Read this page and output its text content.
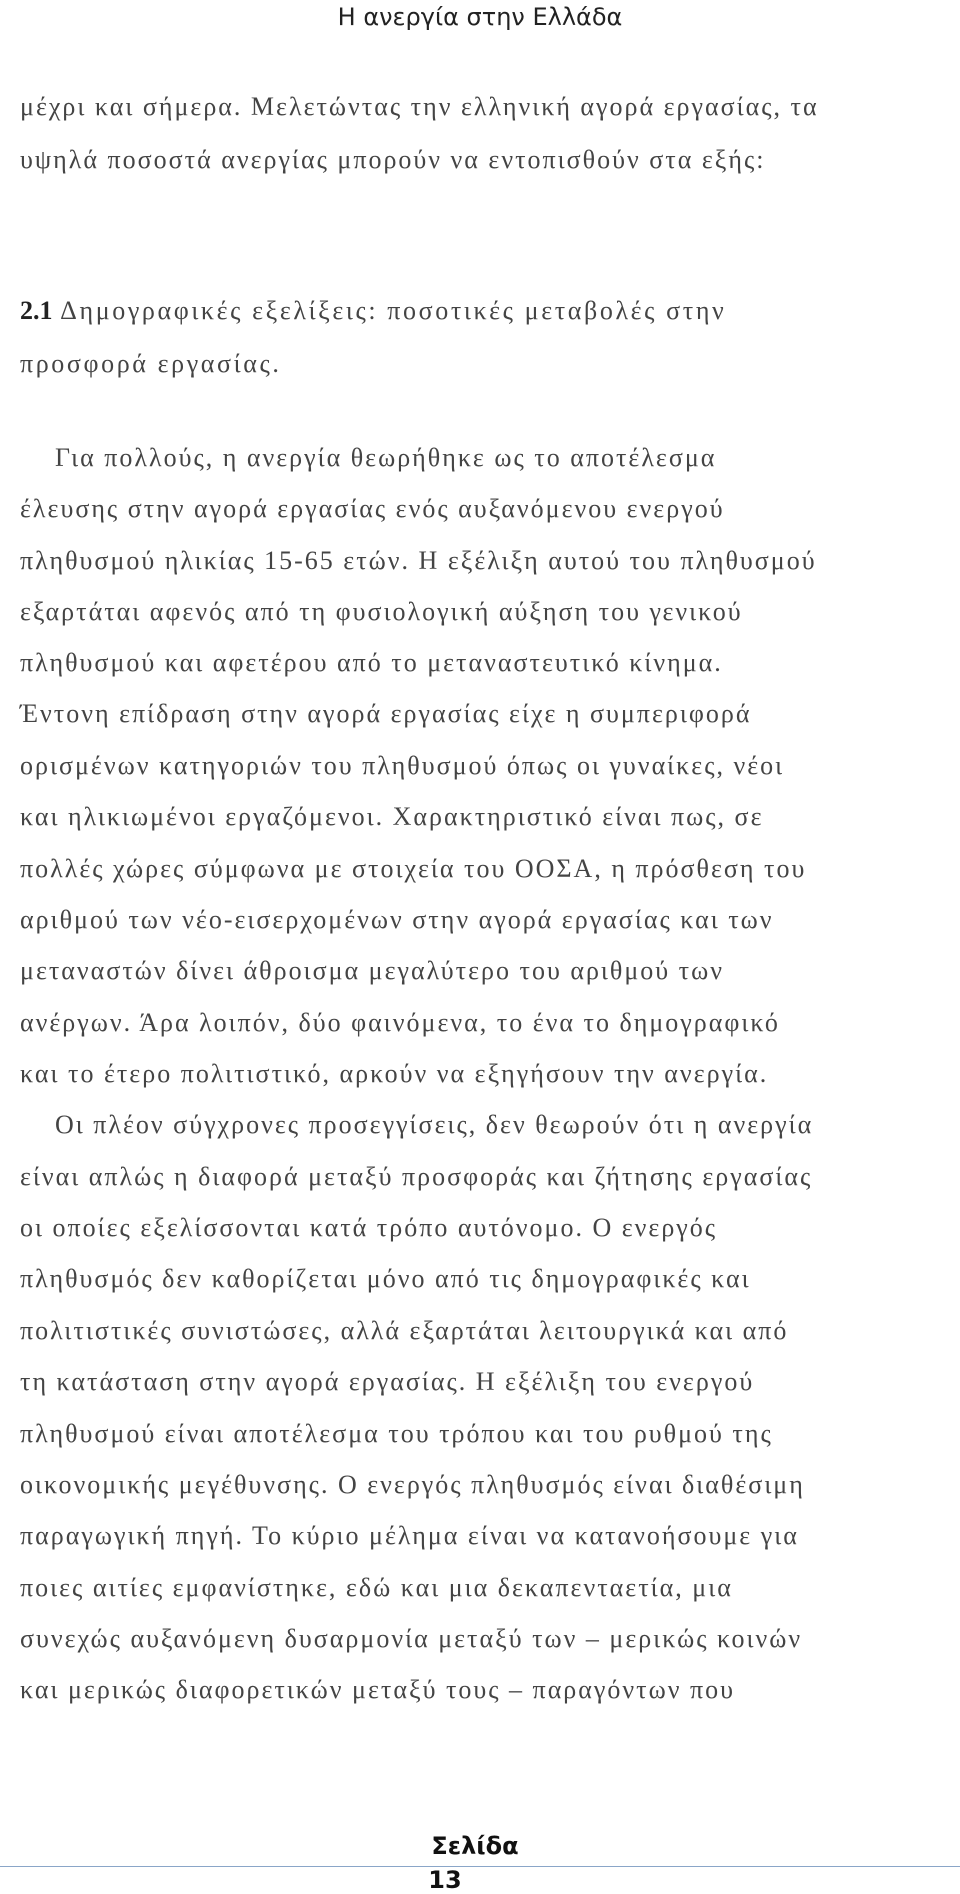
Η ανεργία στην Ελλάδα

μέχρι και σήμερα. Μελετώντας την ελληνική αγορά εργασίας, τα

υψηλά ποσοστά ανεργίας μπορούν να εντοπισθούν στα εξής:

2.1 Δημογραφικές εξελίξεις: ποσοτικές μεταβολές στην

προσφορά εργασίας.

Για πολλούς, η ανεργία θεωρήθηκε ως το αποτέλεσμα

έλευσης στην αγορά εργασίας ενός αυξανόμενου ενεργού

πληθυσμού ηλικίας 15-65 ετών. Η εξέλιξη αυτού του πληθυσμού

εξαρτάται αφενός από τη φυσιολογική αύξηση του γενικού

πληθυσμού και αφετέρου από το μεταναστευτικό κίνημα.

Έντονη επίδραση στην αγορά εργασίας είχε η συμπεριφορά

ορισμένων κατηγοριών του πληθυσμού όπως οι γυναίκες, νέοι

και ηλικιωμένοι εργαζόμενοι. Χαρακτηριστικό είναι πως, σε

πολλές χώρες σύμφωνα με στοιχεία του ΟΟΣΑ, η πρόσθεση του

αριθμού των νέο-εισερχομένων στην αγορά εργασίας και των

μεταναστών δίνει άθροισμα μεγαλύτερο του αριθμού των

ανέργων. Άρα λοιπόν, δύο φαινόμενα, το ένα το δημογραφικό

και το έτερο πολιτιστικό, αρκούν να εξηγήσουν την ανεργία.

Οι πλέον σύγχρονες προσεγγίσεις, δεν θεωρούν ότι η ανεργία

είναι απλώς η διαφορά μεταξύ προσφοράς και ζήτησης εργασίας

οι οποίες εξελίσσονται κατά τρόπο αυτόνομο. Ο ενεργός

πληθυσμός δεν καθορίζεται μόνο από τις δημογραφικές και

πολιτιστικές συνιστώσες, αλλά εξαρτάται λειτουργικά και από

τη κατάσταση στην αγορά εργασίας. Η εξέλιξη του ενεργού

πληθυσμού είναι αποτέλεσμα του τρόπου και του ρυθμού της

οικονομικής μεγέθυνσης. Ο ενεργός πληθυσμός είναι διαθέσιμη

παραγωγική πηγή. Το κύριο μέλημα είναι να κατανοήσουμε για

ποιες αιτίες εμφανίστηκε, εδώ και μια δεκαπενταετία, μια

συνεχώς αυξανόμενη δυσαρμονία μεταξύ των – μερικώς κοινών

και μερικώς διαφορετικών μεταξύ τους – παραγόντων που

Σελίδα
13
